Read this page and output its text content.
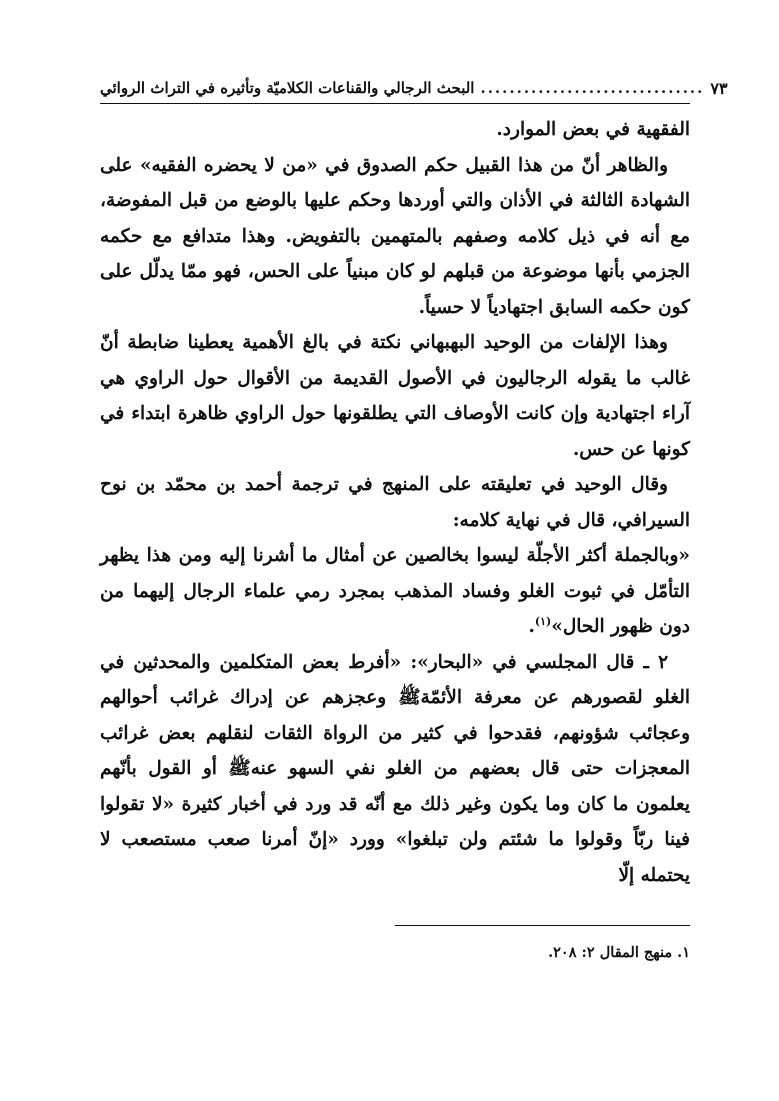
البحث الرجالي والقناعات الكلاميّة وتأثيره في التراث الروائي ............................... ٧٣

الفقهية في بعض الموارد.

والظاهر أنّ من هذا القبيل حكم الصدوق في «من لا يحضره الفقيه» على الشهادة الثالثة في الأذان والتي أوردها وحكم عليها بالوضع من قبل المفوضة، مع أنه في ذيل كلامه وصفهم بالمتهمين بالتفويض. وهذا متدافع مع حكمه الجزمي بأنها موضوعة من قبلهم لو كان مبنياً على الحس، فهو ممّا يدلّل على كون حكمه السابق اجتهادياً لا حسياً.

وهذا الإلفات من الوحيد البهبهاني نكتة في بالغ الأهمية يعطينا ضابطة أنّ غالب ما يقوله الرجاليون في الأصول القديمة من الأقوال حول الراوي هي آراء اجتهادية وإن كانت الأوصاف التي يطلقونها حول الراوي ظاهرة ابتداء في كونها عن حس.

وقال الوحيد في تعليقته على المنهج في ترجمة أحمد بن محمّد بن نوح السيرافي، قال في نهاية كلامه:

«وبالجملة أكثر الأجلّة ليسوا بخالصين عن أمثال ما أشرنا إليه ومن هذا يظهر التأمّل في ثبوت الغلو وفساد المذهب بمجرد رمي علماء الرجال إليهما من دون ظهور الحال»$^{(١)}$.

٢ ـ قال المجلسي في «البحار»: «أفرط بعض المتكلمين والمحدثين في الغلو لقصورهم عن معرفة الأئمّةﷺ وعجزهم عن إدراك غرائب أحوالهم وعجائب شؤونهم، فقدحوا في كثير من الرواة الثقات لنقلهم بعض غرائب المعجزات حتى قال بعضهم من الغلو نفي السهو عنهﷺ أو القول بأنّهم يعلمون ما كان وما يكون وغير ذلك مع أنّه قد ورد في أخبار كثيرة «لا تقولوا فينا ربّاً وقولوا ما شئتم ولن تبلغوا» وورد «إنّ أمرنا صعب مستصعب لا يحتمله إلّا

١. منهج المقال ٢: ٢٠٨.
